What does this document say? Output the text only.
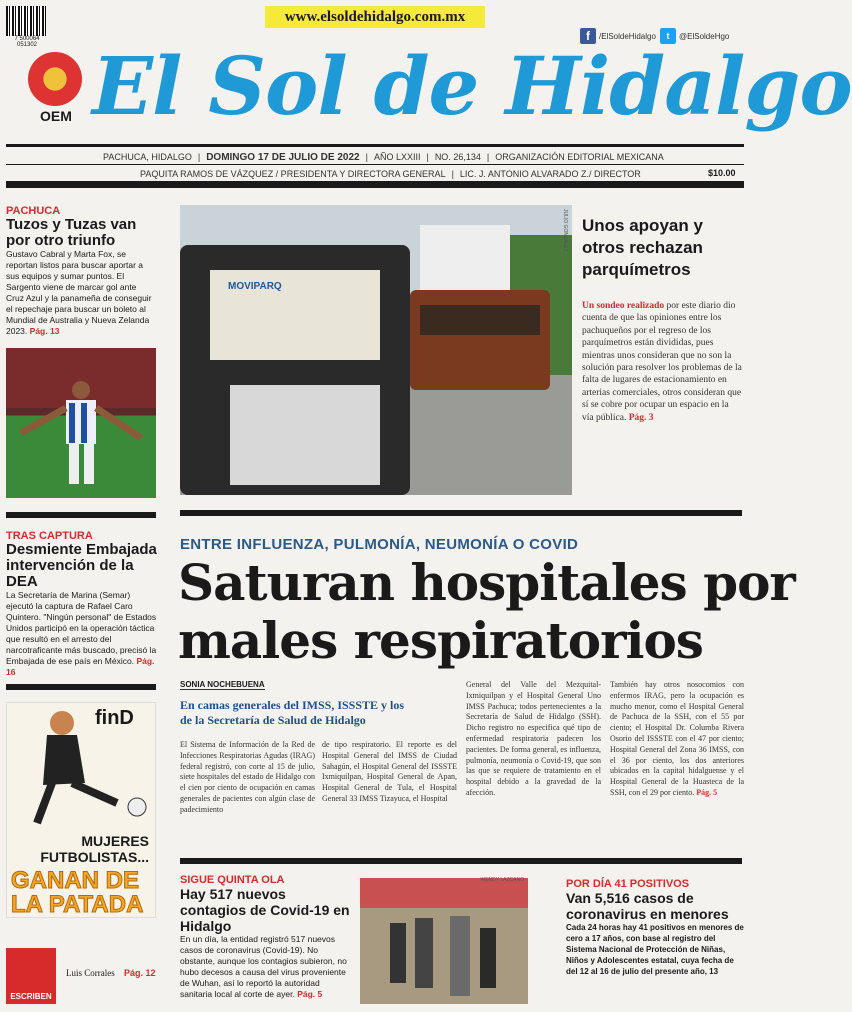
7 500064 051302
www.elsoldehidalgo.com.mx
f	/ElSoldeHidalgo	t	@ElSoldeHgo
OEM El Sol de Hidalgo
PACHUCA, HIDALGO | DOMINGO 17 DE JULIO DE 2022 | AÑO LXXIII | NO. 26,134 | ORGANIZACIÓN EDITORIAL MEXICANA
PAQUITA RAMOS DE VÁZQUEZ / PRESIDENTA Y DIRECTORA GENERAL | LIC. J. ANTONIO ALVARADO Z./ DIRECTOR	$10.00
PACHUCA
Tuzos y Tuzas van por otro triunfo
Gustavo Cabral y Marta Fox, se reportan listos para buscar aportar a sus equipos y sumar puntos. El Sargento viene de marcar gol ante Cruz Azul y la panameña de conseguir el repechaje para buscar un boleto al Mundial de Australia y Nueva Zelanda 2023. Pág. 13
TRAS CAPTURA
Desmiente Embajada intervención de la DEA
La Secretaría de Marina (Semar) ejecutó la captura de Rafael Caro Quintero. "Ningún personal" de Estados Unidos participó en la operación táctica que resultó en el arresto del narcotraficante más buscado, precisó la Embajada de ese país en México. Pág. 16
finD
MUJERES
FUTBOLISTAS...
GANAN DE
LA PATADA
ESCRIBEN
Luis Corrales Pág. 12
MOVIPARQ
JULIO GONZÁLEZ Unos apoyan y otros rechazan parquímetros
Un sondeo realizado por este diario dio cuenta de que las opiniones entre los pachuqueños por el regreso de los parquímetros están divididas, pues mientras unos consideran que no son la solución para resolver los problemas de la falta de lugares de estacionamiento en arterias comerciales, otros consideran que sí se cobre por ocupar un espacio en la vía pública. Pág. 3
ENTRE INFLUENZA, PULMONÍA, NEUMONÍA O COVID
Saturan hospitales por
males respiratorios
SONIA NOCHEBUENA
En camas generales del IMSS, ISSSTE y los de la Secretaría de Salud de Hidalgo
El Sistema de Información de la Red de Infecciones Respiratorias Agudas (IRAG) federal registró, con corte al 15 de julio, siete hospitales del estado de Hidalgo con el cien por ciento de ocupación en camas generales de pacientes con algún clase de padecimiento
de tipo respiratorio. El reporte es del Hospital General del IMSS de Ciudad Sahagún, el Hospital General del ISSSTE Ixmiquilpan, Hospital General de Apan, Hospital General de Tula, el Hospital General 33 IMSS Tizayuca, el Hospital
General del Valle del Mezquital-Ixmiquilpan y el Hospital General Uno IMSS Pachuca; todos pertenecientes a la Secretaría de Salud de Hidalgo (SSH). Dicho registro no especifica qué tipo de enfermedad respiratoria padecen los pacientes. De forma general, es influenza, pulmonía, neumonía o Covid-19, que son las que se requiere de tratamiento en el hospital debido a la gravedad de la afección.
También hay otros nosocomios con enfermos IRAG, pero la ocupación es mucho menor, como el Hospital General de Pachuca de la SSH, con el 55 por ciento; el Hospital Dr. Columba Rivera Osorio del ISSSTE con el 47 por ciento; Hospital General del Zona 36 IMSS, con el 36 por ciento, los dos anteriores ubicados en la capital hidalguense y el Hospital General de la Huasteca de la SSH, con el 29 por ciento. Pág. 5
SIGUE QUINTA OLA
Hay 517 nuevos contagios de Covid-19 en Hidalgo
En un día, la entidad registró 517 nuevos casos de coronavirus (Covid-19). No obstante, aunque los contagios subieron, no hubo decesos a causa del virus proveniente de Wuhan, así lo reportó la autoridad sanitaria local al corte de ayer. Pág. 5
WENDY LAZCANO	POR DÍA 41 POSITIVOS
Van 5,516 casos de coronavirus en menores
Cada 24 horas hay 41 positivos en menores de cero a 17 años, con base al registro del Sistema Nacional de Protección de Niñas, Niños y Adolescentes estatal, cuya fecha de del 12 al 16 de julio del presente año, 13
